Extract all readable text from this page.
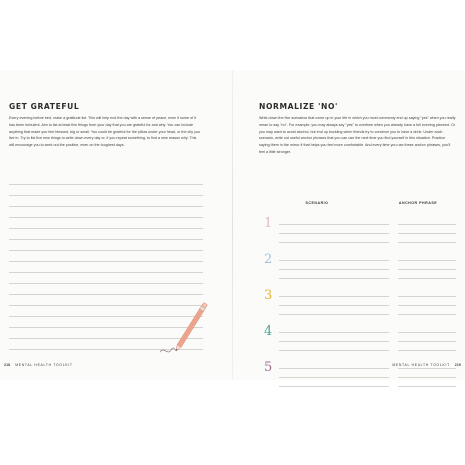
GET GRATEFUL

Every evening before bed, make a gratitude list. This will help end the day with a sense of peace, even if some of it has been turbulent. Aim to list at least five things from your day that you are grateful for and why. You can include anything that made you feel blessed, big or small. You could be grateful for the pillow under your head, or the city you live in. Try to list five new things to write down every day or, if you repeat something, to find a new reason why. This will encourage you to seek out the positive, even on the toughest days.

218 MENTAL HEALTH TOOLKIT
NORMALIZE 'NO'

Write down the five scenarios that come up in your life in which you most commonly end up saying "yes" when you really mean to say "no". For example, you may always say "yes" to overtime when you already have a full evening planned. Or you may want to avoid alcohol, but end up buckling when friends try to convince you to have a drink. Under each scenario, write out useful anchor phrases that you can use the next time you find yourself in this situation. Practice saying them in the mirror if that helps you feel more comfortable. And every time you use these anchor phrases, you'll feel a little stronger.

SCENARIO	ANCHOR PHRASE
1
2
3
4
5	MENTAL HEALTH TOOLKIT 219
